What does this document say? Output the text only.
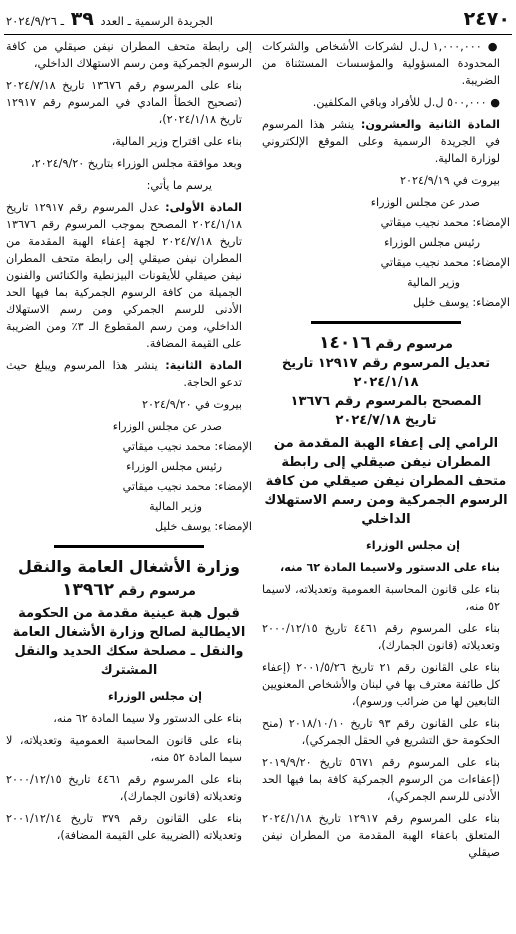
٢٤٧٠
الجريدة الرسمية ـ العدد ٣٩ ـ ٢٠٢٤/٩/٢٦

● ١,٠٠٠,٠٠٠ ل.ل لشركات الأشخاص والشركات المحدودة المسؤولية والمؤسسات المستثناة من الضريبة.

● ٥٠٠,٠٠٠ ل.ل للأفراد وباقي المكلفين.

المادة الثانية والعشرون: ينشر هذا المرسوم في الجريدة الرسمية وعلى الموقع الإلكتروني لوزارة المالية.

بيروت في ٢٠٢٤/٩/١٩

صدر عن مجلس الوزراء

الإمضاء: محمد نجيب ميقاتي

رئيس مجلس الوزراء

الإمضاء: محمد نجيب ميقاتي

وزير المالية

الإمضاء: يوسف خليل

مرسوم رقم ١٤٠١٦
تعديل المرسوم رقم ١٢٩١٧ تاريخ ٢٠٢٤/١/١٨
المصحح بالمرسوم رقم ١٣٦٧٦
تاريخ ٢٠٢٤/٧/١٨
الرامي إلى إعفاء الهبة المقدمة من المطران نيفن صيقلي إلى رابطة متحف المطران نيفن صيقلي من كافة الرسوم الجمركية ومن رسم الاستهلاك الداخلي

إن مجلس الوزراء

بناء على الدستور ولاسيما المادة ٦٢ منه،

بناء على قانون المحاسبة العمومية وتعديلاته، لاسيما ٥٢ منه،

بناء على المرسوم رقم ٤٤٦١ تاريخ ٢٠٠٠/١٢/١٥ وتعديلاته (قانون الجمارك)،

بناء على القانون رقم ٢١ تاريخ ٢٠٠١/٥/٢٦ (إعفاء كل طائفة معترف بها في لبنان والأشخاص المعنويين التابعين لها من ضرائب ورسوم)،

بناء على القانون رقم ٩٣ تاريخ ٢٠١٨/١٠/١٠ (منح الحكومة حق التشريع في الحقل الجمركي)،

بناء على المرسوم رقم ٥٦٧١ تاريخ ٢٠١٩/٩/٢٠ (إعفاءات من الرسوم الجمركية كافة بما فيها الحد الأدنى للرسم الجمركي)،

بناء على المرسوم رقم ١٢٩١٧ تاريخ ٢٠٢٤/١/١٨ المتعلق باعفاء الهبة المقدمة من المطران نيفن صيقلي

إلى رابطة متحف المطران نيفن صيقلي من كافة الرسوم الجمركية ومن رسم الاستهلاك الداخلي،

بناء على المرسوم رقم ١٣٦٧٦ تاريخ ٢٠٢٤/٧/١٨ (تصحيح الخطأ المادي في المرسوم رقم ١٢٩١٧ تاريخ ٢٠٢٤/١/١٨)،

بناء على اقتراح وزير المالية،

وبعد موافقة مجلس الوزراء بتاريخ ٢٠٢٤/٩/٢٠،

يرسم ما يأتي:

المادة الأولى: عدل المرسوم رقم ١٢٩١٧ تاريخ ٢٠٢٤/١/١٨ المصحح بموجب المرسوم رقم ١٣٦٧٦ تاريخ ٢٠٢٤/٧/١٨ لجهة إعفاء الهبة المقدمة من المطران نيفن صيقلي إلى رابطة متحف المطران نيفن صيقلي للأيقونات البيزنطية والكنائس والفنون الجميلة من كافة الرسوم الجمركية بما فيها الحد الأدنى للرسم الجمركي ومن رسم الاستهلاك الداخلي، ومن رسم المقطوع الـ ٣٪ ومن الضريبة على القيمة المضافة.

المادة الثانية: ينشر هذا المرسوم ويبلغ حيث تدعو الحاجة.

بيروت في ٢٠٢٤/٩/٢٠

صدر عن مجلس الوزراء

الإمضاء: محمد نجيب ميقاتي

رئيس مجلس الوزراء

الإمضاء: محمد نجيب ميقاتي

وزير المالية

الإمضاء: يوسف خليل

وزارة الأشغال العامة والنقل
مرسوم رقم ١٣٩٦٢
قبول هبة عينية مقدمة من الحكومة الايطالية لصالح وزارة الأشغال العامة والنقل ـ مصلحة سكك الحديد والنقل المشترك

إن مجلس الوزراء

بناء على الدستور ولا سيما المادة ٦٢ منه،

بناء على قانون المحاسبة العمومية وتعديلاته، لا سيما المادة ٥٢ منه،

بناء على المرسوم رقم ٤٤٦١ تاريخ ٢٠٠٠/١٢/١٥ وتعديلاته (قانون الجمارك)،

بناء على القانون رقم ٣٧٩ تاريخ ٢٠٠١/١٢/١٤ وتعديلاته (الضريبة على القيمة المضافة)،
